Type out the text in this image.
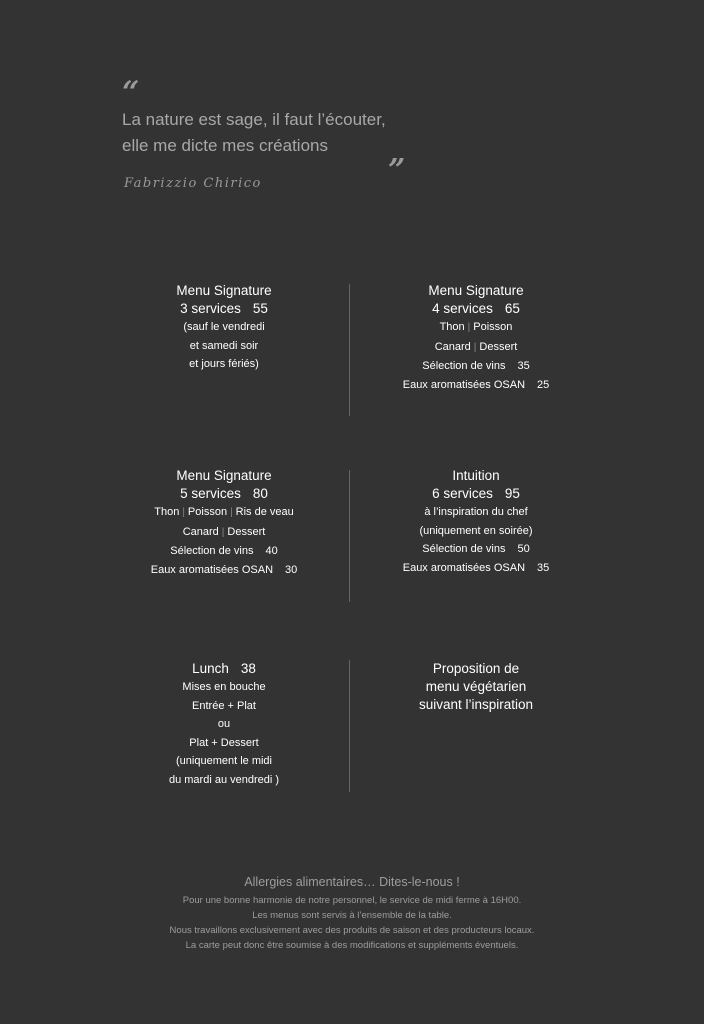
“
La nature est sage, il faut l’écouter,
elle me dicte mes créations
”
Fabrizzio Chirico
Menu Signature
3 services 55
(sauf le vendredi
et samedi soir
et jours fériés)
Menu Signature
4 services 65
Thon | Poisson
Canard | Dessert
Sélection de vins 35
Eaux aromatisées OSAN 25
Menu Signature
5 services 80
Thon | Poisson | Ris de veau
Canard | Dessert
Sélection de vins 40
Eaux aromatisées OSAN 30
Intuition
6 services 95
à l’inspiration du chef
(uniquement en soirée)
Sélection de vins 50
Eaux aromatisées OSAN 35
Lunch 38
Mises en bouche
Entrée + Plat
ou
Plat + Dessert
(uniquement le midi
du mardi au vendredi )
Proposition de
menu végétarien
suivant l’inspiration
Allergies alimentaires… Dites-le-nous !
Pour une bonne harmonie de notre personnel, le service de midi ferme à 16H00.
Les menus sont servis à l’ensemble de la table.
Nous travaillons exclusivement avec des produits de saison et des producteurs locaux.
La carte peut donc être soumise à des modifications et suppléments éventuels.
